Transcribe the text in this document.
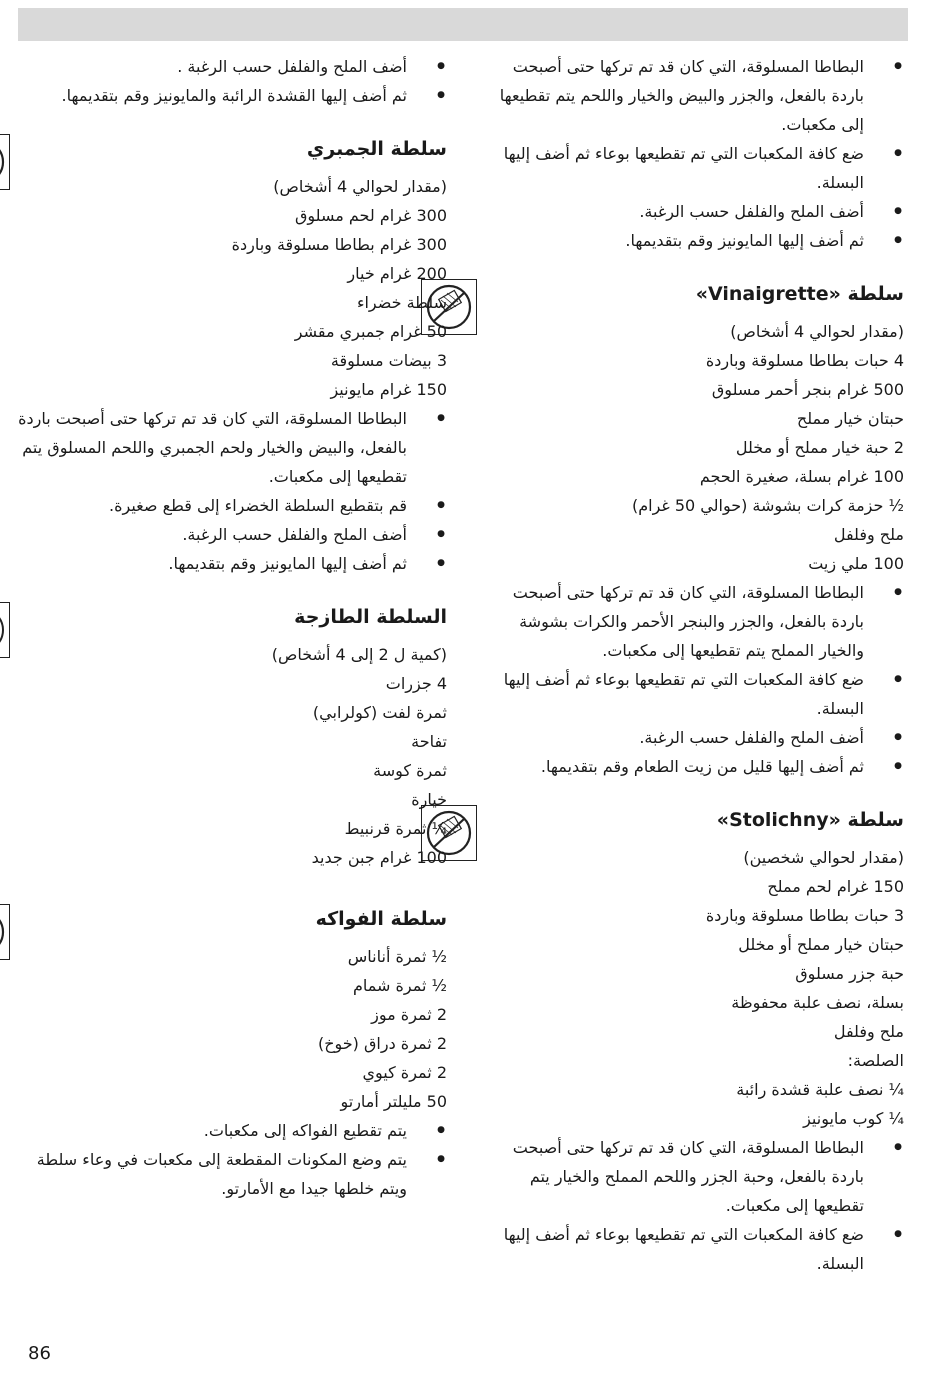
● البطاطا المسلوقة، التي كان قد تم تركها حتى أصبحت باردة بالفعل، والجزر والبيض والخيار واللحم يتم تقطيعها إلى مكعبات.
● ضع كافة المكعبات التي تم تقطيعها بوعاء ثم أضف إليها البسلة.
● أضف الملح والفلفل حسب الرغبة.
● ثم أضف إليها المايونيز وقم بتقديمها.
سلطة «Vinaigrette»
(مقدار لحوالي 4 أشخاص)
4 حبات بطاطا مسلوقة وباردة
500 غرام بنجر أحمر مسلوق
حبتان خيار مملح
2 حبة خيار مملح أو مخلل
100 غرام بسلة، صغيرة الحجم
½ حزمة كرات بشوشة (حوالي 50 غرام)
ملح وفلفل
100 ملي زيت
● البطاطا المسلوقة، التي كان قد تم تركها حتى أصبحت باردة بالفعل، والجزر والبنجر الأحمر والكرات بشوشة والخيار المملح يتم تقطيعها إلى مكعبات.
● ضع كافة المكعبات التي تم تقطيعها بوعاء ثم أضف إليها البسلة.
● أضف الملح والفلفل حسب الرغبة.
● ثم أضف إليها قليل من زيت الطعام وقم بتقديمها.
سلطة «Stolichny»
(مقدار لحوالي شخصين)
150 غرام لحم مملح
3 حبات بطاطا مسلوقة وباردة
حبتان خيار مملح أو مخلل
حبة جزر مسلوق
بسلة، نصف علبة محفوظة
ملح وفلفل
الصلصة:
¼ نصف علبة قشدة رائبة
¼ كوب مايونيز
● البطاطا المسلوقة، التي كان قد تم تركها حتى أصبحت باردة بالفعل، وحبة الجزر واللحم المملح والخيار يتم تقطيعها إلى مكعبات.
● ضع كافة المكعبات التي تم تقطيعها بوعاء ثم أضف إليها البسلة.
● أضف الملح والفلفل حسب الرغبة .
● ثم أضف إليها القشدة الرائبة والمايونيز وقم بتقديمها.
سلطة الجمبري
(مقدار لحوالي 4 أشخاص)
300 غرام لحم مسلوق
300 غرام بطاطا مسلوقة وباردة
200 غرام خيار
سلطة خضراء
50 غرام جمبري مقشر
3 بيضات مسلوقة
150 غرام مايونيز
● البطاطا المسلوقة، التي كان قد تم تركها حتى أصبحت باردة بالفعل، والبيض والخيار ولحم الجمبري واللحم المسلوق يتم تقطيعها إلى مكعبات.
● قم بتقطيع السلطة الخضراء إلى قطع صغيرة.
● أضف الملح والفلفل حسب الرغبة.
● ثم أضف إليها المايونيز وقم بتقديمها.
السلطة الطازجة
(كمية ل 2 إلى 4 أشخاص)
4 جزرات
ثمرة لفت (كولرابي)
تفاحة
ثمرة كوسة
خيارة
¼ ثمرة قرنبيط
100 غرام جبن جديد
سلطة الفواكه
½ ثمرة أناناس
½ ثمرة شمام
2 ثمرة موز
2 ثمرة دراق (خوخ)
2 ثمرة كيوي
50 مليلتر أمارتو
● يتم تقطيع الفواكه إلى مكعبات.
● يتم وضع المكونات المقطعة إلى مكعبات في وعاء سلطة ويتم خلطها جيدا مع الأمارتو.
86
